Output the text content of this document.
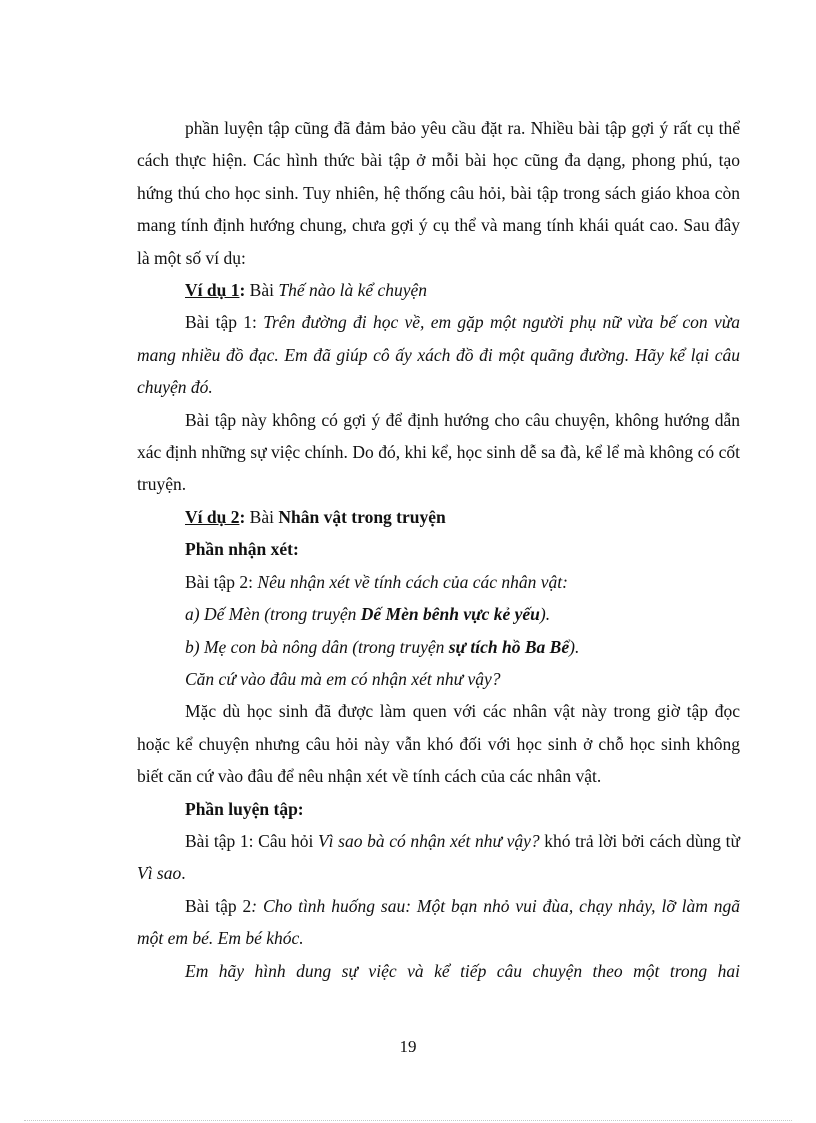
phần luyện tập cũng đã đảm bảo yêu cầu đặt ra. Nhiều bài tập gợi ý rất cụ thể cách thực hiện. Các hình thức bài tập ở mỗi bài học cũng đa dạng, phong phú, tạo hứng thú cho học sinh. Tuy nhiên, hệ thống câu hỏi, bài tập trong sách giáo khoa còn mang tính định hướng chung, chưa gợi ý cụ thể và mang tính khái quát cao. Sau đây là một số ví dụ:

Ví dụ 1: Bài Thế nào là kể chuyện

Bài tập 1: Trên đường đi học về, em gặp một người phụ nữ vừa bế con vừa mang nhiều đồ đạc. Em đã giúp cô ấy xách đồ đi một quãng đường. Hãy kể lại câu chuyện đó.

Bài tập này không có gợi ý để định hướng cho câu chuyện, không hướng dẫn xác định những sự việc chính. Do đó, khi kể, học sinh dễ sa đà, kể lể mà không có cốt truyện.

Ví dụ 2: Bài Nhân vật trong truyện

Phần nhận xét:

Bài tập 2: Nêu nhận xét về tính cách của các nhân vật:

a) Dế Mèn (trong truyện Dế Mèn bênh vực kẻ yếu).

b) Mẹ con bà nông dân (trong truyện sự tích hồ Ba Bể).

Căn cứ vào đâu mà em có nhận xét như vậy?

Mặc dù học sinh đã được làm quen với các nhân vật này trong giờ tập đọc hoặc kể chuyện nhưng câu hỏi này vẫn khó đối với học sinh ở chỗ học sinh không biết căn cứ vào đâu để nêu nhận xét về tính cách của các nhân vật.

Phần luyện tập:

Bài tập 1: Câu hỏi Vì sao bà có nhận xét như vậy? khó trả lời bởi cách dùng từ Vì sao.

Bài tập 2: Cho tình huống sau: Một bạn nhỏ vui đùa, chạy nhảy, lỡ làm ngã một em bé. Em bé khóc.

Em hãy hình dung sự việc và kể tiếp câu chuyện theo một trong hai

19
